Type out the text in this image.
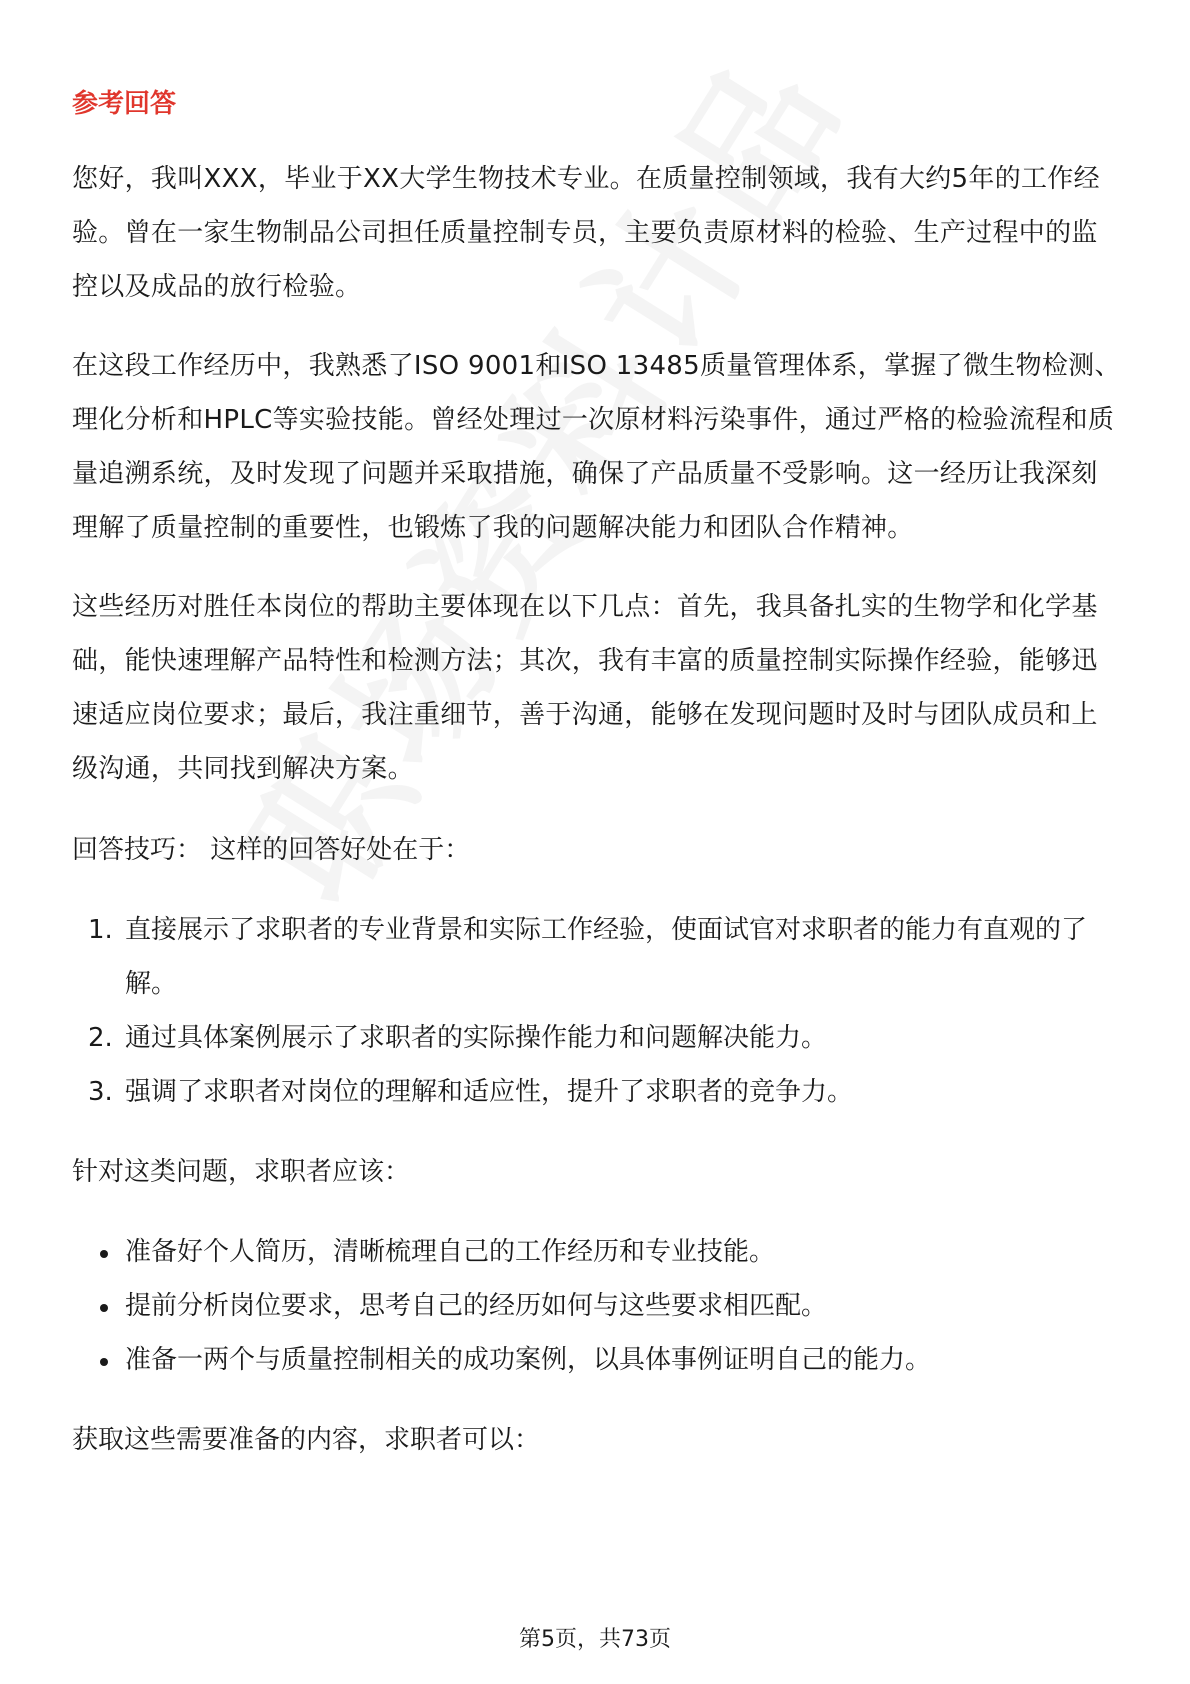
参考回答

您好，我叫XXX，毕业于XX大学生物技术专业。在质量控制领域，我有大约5年的工作经验。曾在一家生物制品公司担任质量控制专员，主要负责原材料的检验、生产过程中的监控以及成品的放行检验。

在这段工作经历中，我熟悉了ISO 9001和ISO 13485质量管理体系，掌握了微生物检测、理化分析和HPLC等实验技能。曾经处理过一次原材料污染事件，通过严格的检验流程和质量追溯系统，及时发现了问题并采取措施，确保了产品质量不受影响。这一经历让我深刻理解了质量控制的重要性，也锻炼了我的问题解决能力和团队合作精神。

这些经历对胜任本岗位的帮助主要体现在以下几点：首先，我具备扎实的生物学和化学基础，能快速理解产品特性和检测方法；其次，我有丰富的质量控制实际操作经验，能够迅速适应岗位要求；最后，我注重细节，善于沟通，能够在发现问题时及时与团队成员和上级沟通，共同找到解决方案。

回答技巧： 这样的回答好处在于：

1. 直接展示了求职者的专业背景和实际工作经验，使面试官对求职者的能力有直观的了解。
2. 通过具体案例展示了求职者的实际操作能力和问题解决能力。
3. 强调了求职者对岗位的理解和适应性，提升了求职者的竞争力。

针对这类问题，求职者应该：

准备好个人简历，清晰梳理自己的工作经历和专业技能。
提前分析岗位要求，思考自己的经历如何与这些要求相匹配。
准备一两个与质量控制相关的成功案例，以具体事例证明自己的能力。

获取这些需要准备的内容，求职者可以：

第5页，共73页
